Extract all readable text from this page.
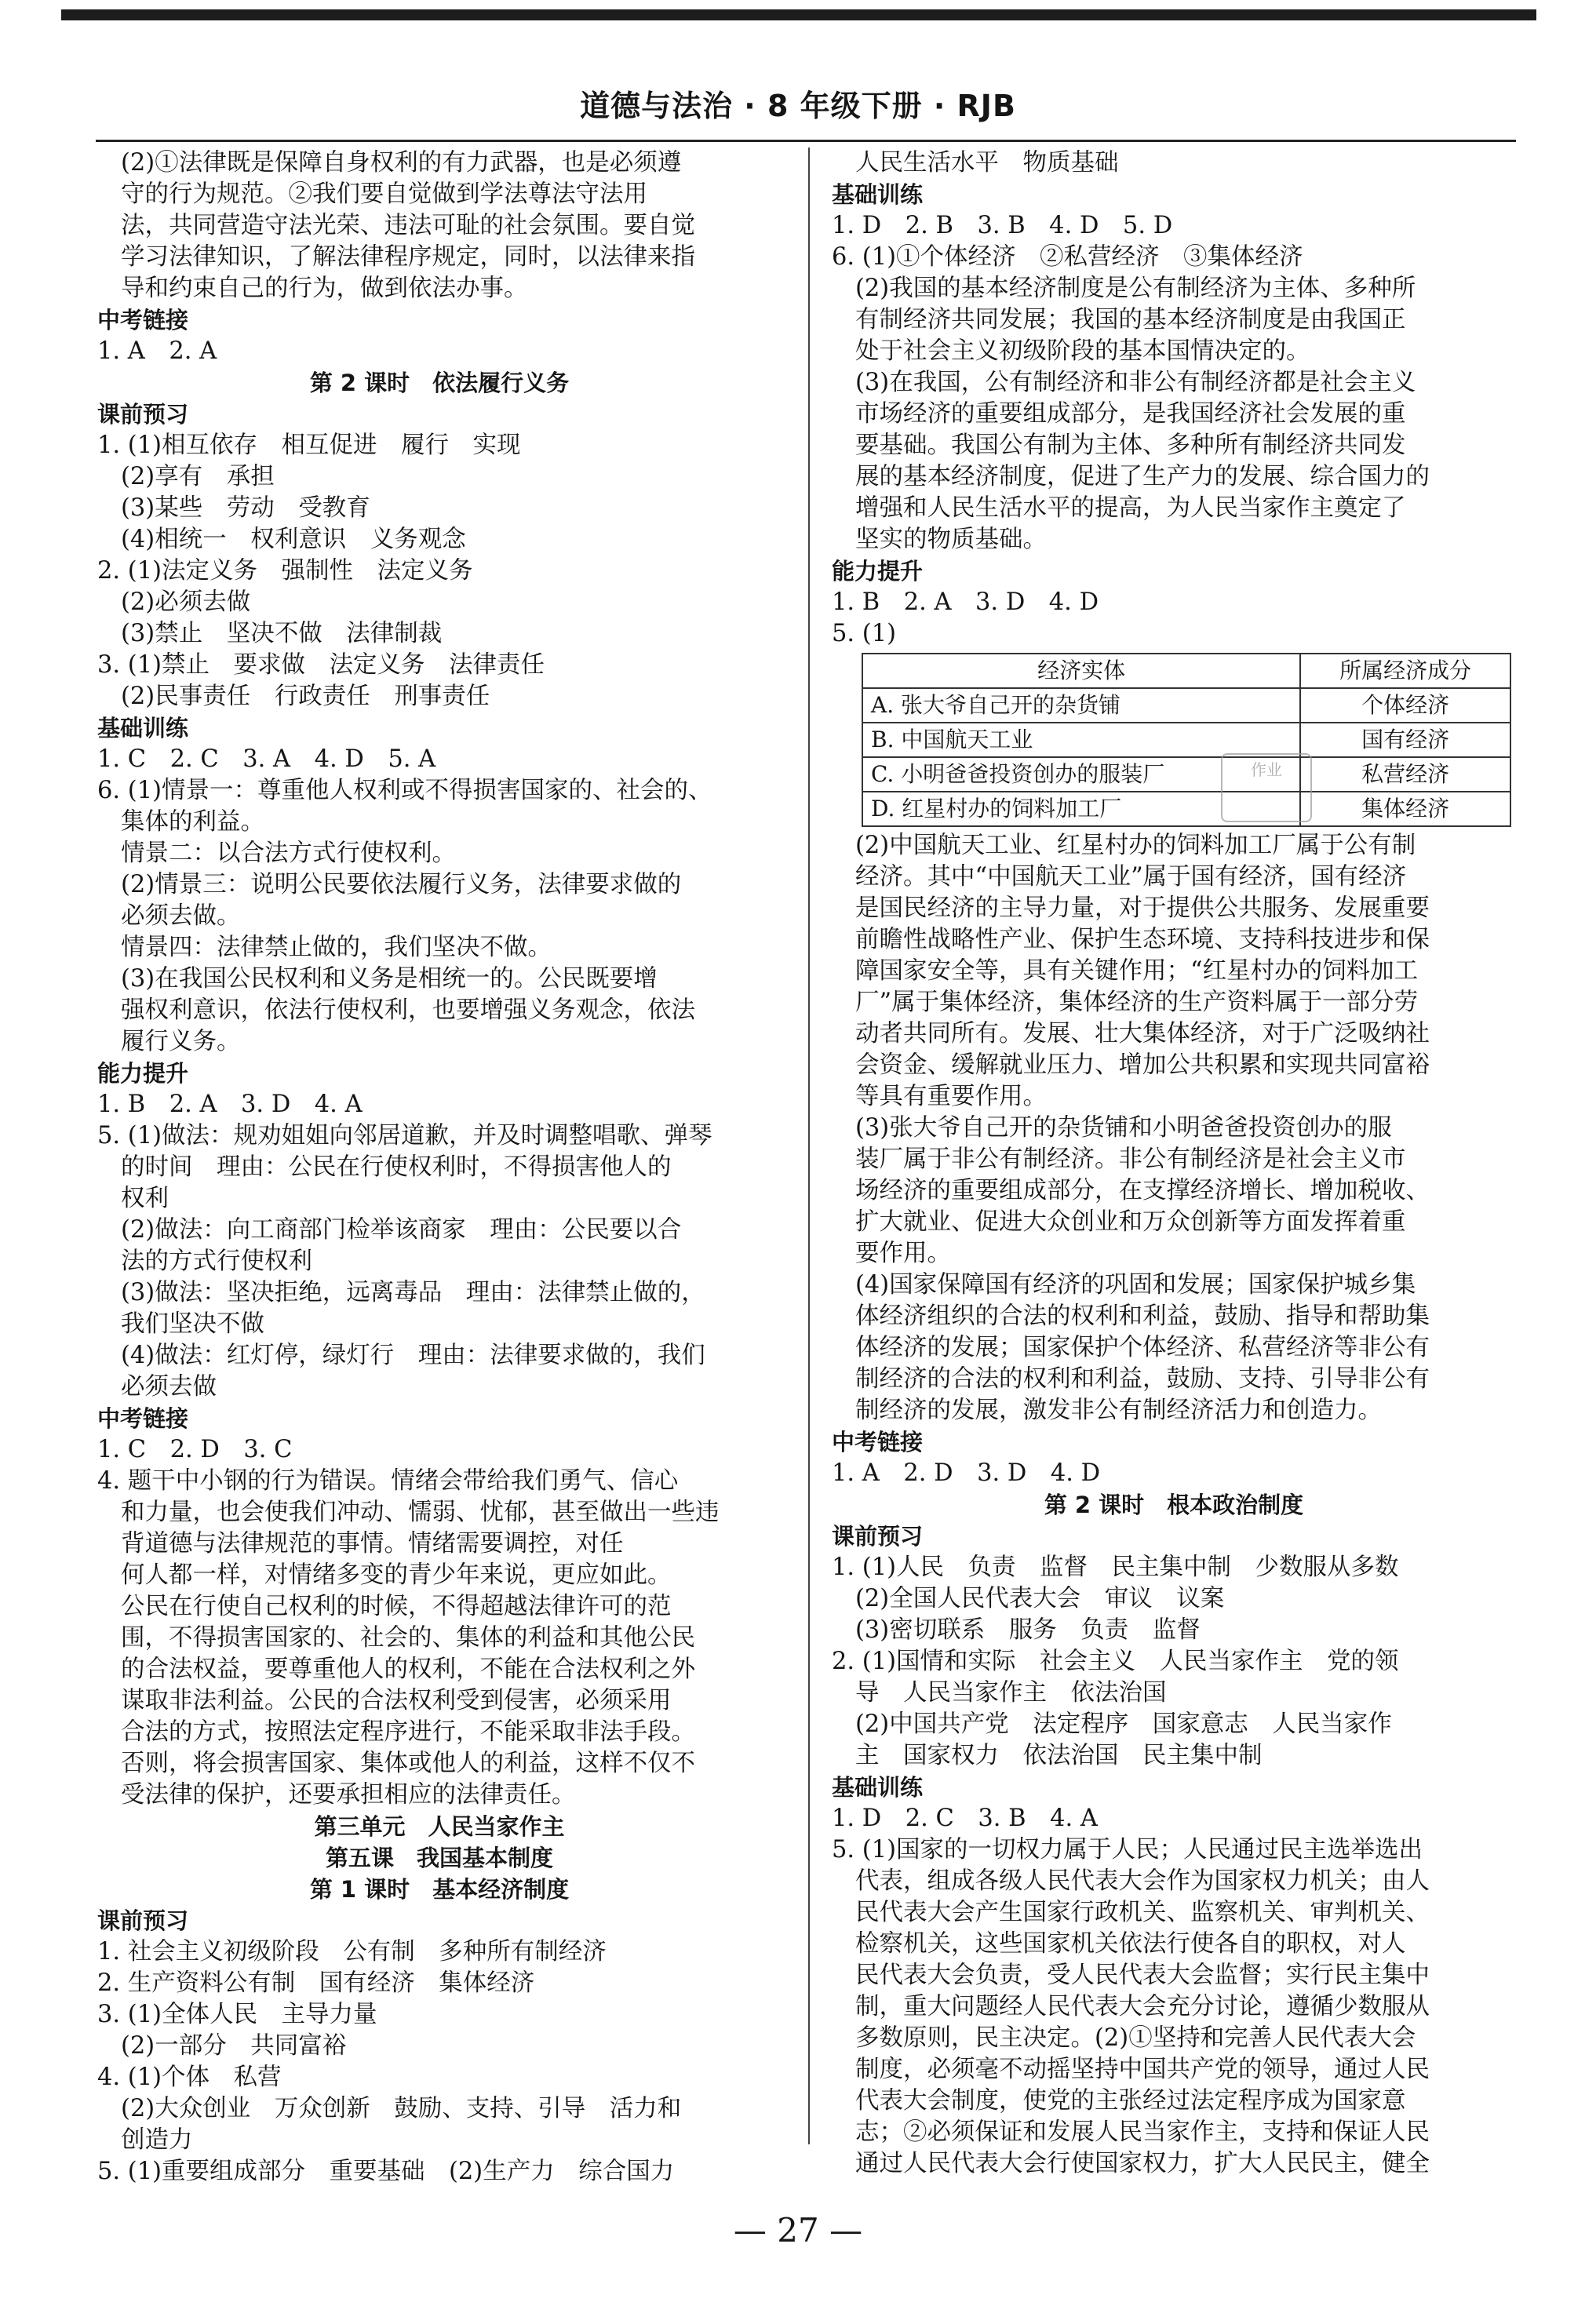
道德与法治 · 8 年级下册 · RJB
(2)①法律既是保障自身权利的有力武器，也是必须遵
守的行为规范。②我们要自觉做到学法尊法守法用
法，共同营造守法光荣、违法可耻的社会氛围。要自觉
学习法律知识，了解法律程序规定，同时，以法律来指
导和约束自己的行为，做到依法办事。
中考链接
1. A　2. A
第 2 课时　依法履行义务
课前预习
1. (1)相互依存　相互促进　履行　实现
(2)享有　承担
(3)某些　劳动　受教育
(4)相统一　权利意识　义务观念
2. (1)法定义务　强制性　法定义务
(2)必须去做
(3)禁止　坚决不做　法律制裁
3. (1)禁止　要求做　法定义务　法律责任
(2)民事责任　行政责任　刑事责任
基础训练
1. C　2. C　3. A　4. D　5. A
6. (1)情景一：尊重他人权利或不得损害国家的、社会的、
集体的利益。
情景二：以合法方式行使权利。
(2)情景三：说明公民要依法履行义务，法律要求做的
必须去做。
情景四：法律禁止做的，我们坚决不做。
(3)在我国公民权利和义务是相统一的。公民既要增
强权利意识，依法行使权利，也要增强义务观念，依法
履行义务。
能力提升
1. B　2. A　3. D　4. A
5. (1)做法：规劝姐姐向邻居道歉，并及时调整唱歌、弹琴
的时间　理由：公民在行使权利时，不得损害他人的
权利
(2)做法：向工商部门检举该商家　理由：公民要以合
法的方式行使权利
(3)做法：坚决拒绝，远离毒品　理由：法律禁止做的，
我们坚决不做
(4)做法：红灯停，绿灯行　理由：法律要求做的，我们
必须去做
中考链接
1. C　2. D　3. C
4. 题干中小钢的行为错误。情绪会带给我们勇气、信心
和力量，也会使我们冲动、懦弱、忧郁，甚至做出一些违
背道德与法律规范的事情。情绪需要调控，对任
何人都一样，对情绪多变的青少年来说，更应如此。
公民在行使自己权利的时候，不得超越法律许可的范
围，不得损害国家的、社会的、集体的利益和其他公民
的合法权益，要尊重他人的权利，不能在合法权利之外
谋取非法利益。公民的合法权利受到侵害，必须采用
合法的方式，按照法定程序进行，不能采取非法手段。
否则，将会损害国家、集体或他人的利益，这样不仅不
受法律的保护，还要承担相应的法律责任。
第三单元　人民当家作主
第五课　我国基本制度
第 1 课时　基本经济制度
课前预习
1. 社会主义初级阶段　公有制　多种所有制经济
2. 生产资料公有制　国有经济　集体经济
3. (1)全体人民　主导力量
(2)一部分　共同富裕
4. (1)个体　私营
(2)大众创业　万众创新　鼓励、支持、引导　活力和
创造力
5. (1)重要组成部分　重要基础　(2)生产力　综合国力
人民生活水平　物质基础
基础训练
1. D　2. B　3. B　4. D　5. D
6. (1)①个体经济　②私营经济　③集体经济
(2)我国的基本经济制度是公有制经济为主体、多种所
有制经济共同发展；我国的基本经济制度是由我国正
处于社会主义初级阶段的基本国情决定的。
(3)在我国，公有制经济和非公有制经济都是社会主义
市场经济的重要组成部分，是我国经济社会发展的重
要基础。我国公有制为主体、多种所有制经济共同发
展的基本经济制度，促进了生产力的发展、综合国力的
增强和人民生活水平的提高，为人民当家作主奠定了
坚实的物质基础。
能力提升
1. B　2. A　3. D　4. D
5. (1)
经济实体	所属经济成分
A. 张大爷自己开的杂货铺	个体经济
B. 中国航天工业	国有经济
C. 小明爸爸投资创办的服装厂	私营经济
D. 红星村办的饲料加工厂	集体经济
(2)中国航天工业、红星村办的饲料加工厂属于公有制
经济。其中“中国航天工业”属于国有经济，国有经济
是国民经济的主导力量，对于提供公共服务、发展重要
前瞻性战略性产业、保护生态环境、支持科技进步和保
障国家安全等，具有关键作用；“红星村办的饲料加工
厂”属于集体经济，集体经济的生产资料属于一部分劳
动者共同所有。发展、壮大集体经济，对于广泛吸纳社
会资金、缓解就业压力、增加公共积累和实现共同富裕
等具有重要作用。
(3)张大爷自己开的杂货铺和小明爸爸投资创办的服
装厂属于非公有制经济。非公有制经济是社会主义市
场经济的重要组成部分，在支撑经济增长、增加税收、
扩大就业、促进大众创业和万众创新等方面发挥着重
要作用。
(4)国家保障国有经济的巩固和发展；国家保护城乡集
体经济组织的合法的权利和利益，鼓励、指导和帮助集
体经济的发展；国家保护个体经济、私营经济等非公有
制经济的合法的权利和利益，鼓励、支持、引导非公有
制经济的发展，激发非公有制经济活力和创造力。
中考链接
1. A　2. D　3. D　4. D
第 2 课时　根本政治制度
课前预习
1. (1)人民　负责　监督　民主集中制　少数服从多数
(2)全国人民代表大会　审议　议案
(3)密切联系　服务　负责　监督
2. (1)国情和实际　社会主义　人民当家作主　党的领
导　人民当家作主　依法治国
(2)中国共产党　法定程序　国家意志　人民当家作
主　国家权力　依法治国　民主集中制
基础训练
1. D　2. C　3. B　4. A
5. (1)国家的一切权力属于人民；人民通过民主选举选出
代表，组成各级人民代表大会作为国家权力机关；由人
民代表大会产生国家行政机关、监察机关、审判机关、
检察机关，这些国家机关依法行使各自的职权，对人
民代表大会负责，受人民代表大会监督；实行民主集中
制，重大问题经人民代表大会充分讨论，遵循少数服从
多数原则，民主决定。(2)①坚持和完善人民代表大会
制度，必须毫不动摇坚持中国共产党的领导，通过人民
代表大会制度，使党的主张经过法定程序成为国家意
志；②必须保证和发展人民当家作主，支持和保证人民
通过人民代表大会行使国家权力，扩大人民民主，健全
作业
— 27 —
